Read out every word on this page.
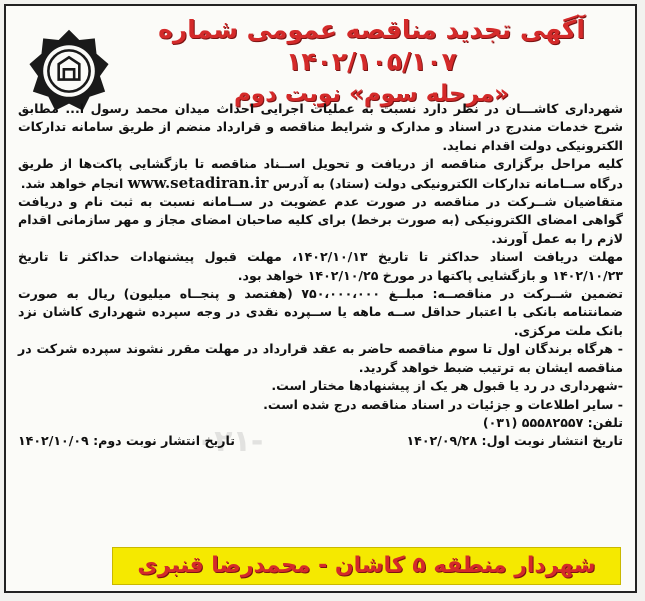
آگهی تجدید مناقصه عمومی شماره ۱۴۰۲/۱۰۵/۱۰۷
«مرحله سوم» نوبت دوم
۰۲۱-

شهرداری کاشـــان در نظر دارد نسبت به عملیات اجرایی احداث میدان محمد رسول ا... مطابق شرح خدمات مندرج در اسناد و مدارک و شرایط مناقصه و قرارداد منضم از طریق سامانه تدارکات الکترونیکی دولت اقدام نماید.

کلیه مراحل برگزاری مناقصه از دریافت و تحویل اســناد مناقصه تا بازگشایی پاکت‌ها از طریق درگاه ســامانه تدارکات الکترونیکی دولت (ستاد) به آدرس www.setadiran.ir انجام خواهد شد.

متقاضیان شــرکت در مناقصه در صورت عدم عضویت در ســامانه نسبت به ثبت نام و دریافت گواهی امضای الکترونیکی (به صورت برخط) برای کلیه صاحبان امضای مجاز و مهر سازمانی اقدام لازم را به عمل آورند.

مهلت دریافت اسناد حداکثر تا تاریخ ۱۴۰۲/۱۰/۱۳، مهلت قبول پیشنهادات حداکثر تا تاریخ ۱۴۰۲/۱۰/۲۳ و بازگشایی پاکتها در مورخ ۱۴۰۲/۱۰/۲۵ خواهد بود.

تضمین شــرکت در مناقصــه: مبلــغ ۷۵۰،۰۰۰،۰۰۰ (هفتصد و پنجــاه میلیون) ریال به صورت ضمانتنامه بانکی با اعتبار حداقل ســه ماهه یا ســپرده نقدی در وجه سپرده شهرداری کاشان نزد بانک ملت مرکزی.

- هرگاه برندگان اول تا سوم مناقصه حاضر به عقد قرارداد در مهلت مقرر نشوند سپرده شرکت در مناقصه ایشان به ترتیب ضبط خواهد گردید.

-شهرداری در رد یا قبول هر یک از پیشنهادها مختار است.

- سایر اطلاعات و جزئیات در اسناد مناقصه درج شده است.

تلفن: ۵۵۵۸۲۵۵۷ (۰۳۱)

تاریخ انتشار نوبت اول: ۱۴۰۲/۰۹/۲۸
تاریخ انتشار نوبت دوم: ۱۴۰۲/۱۰/۰۹

شهردار منطقه ۵ کاشان - محمدرضا قنبری
